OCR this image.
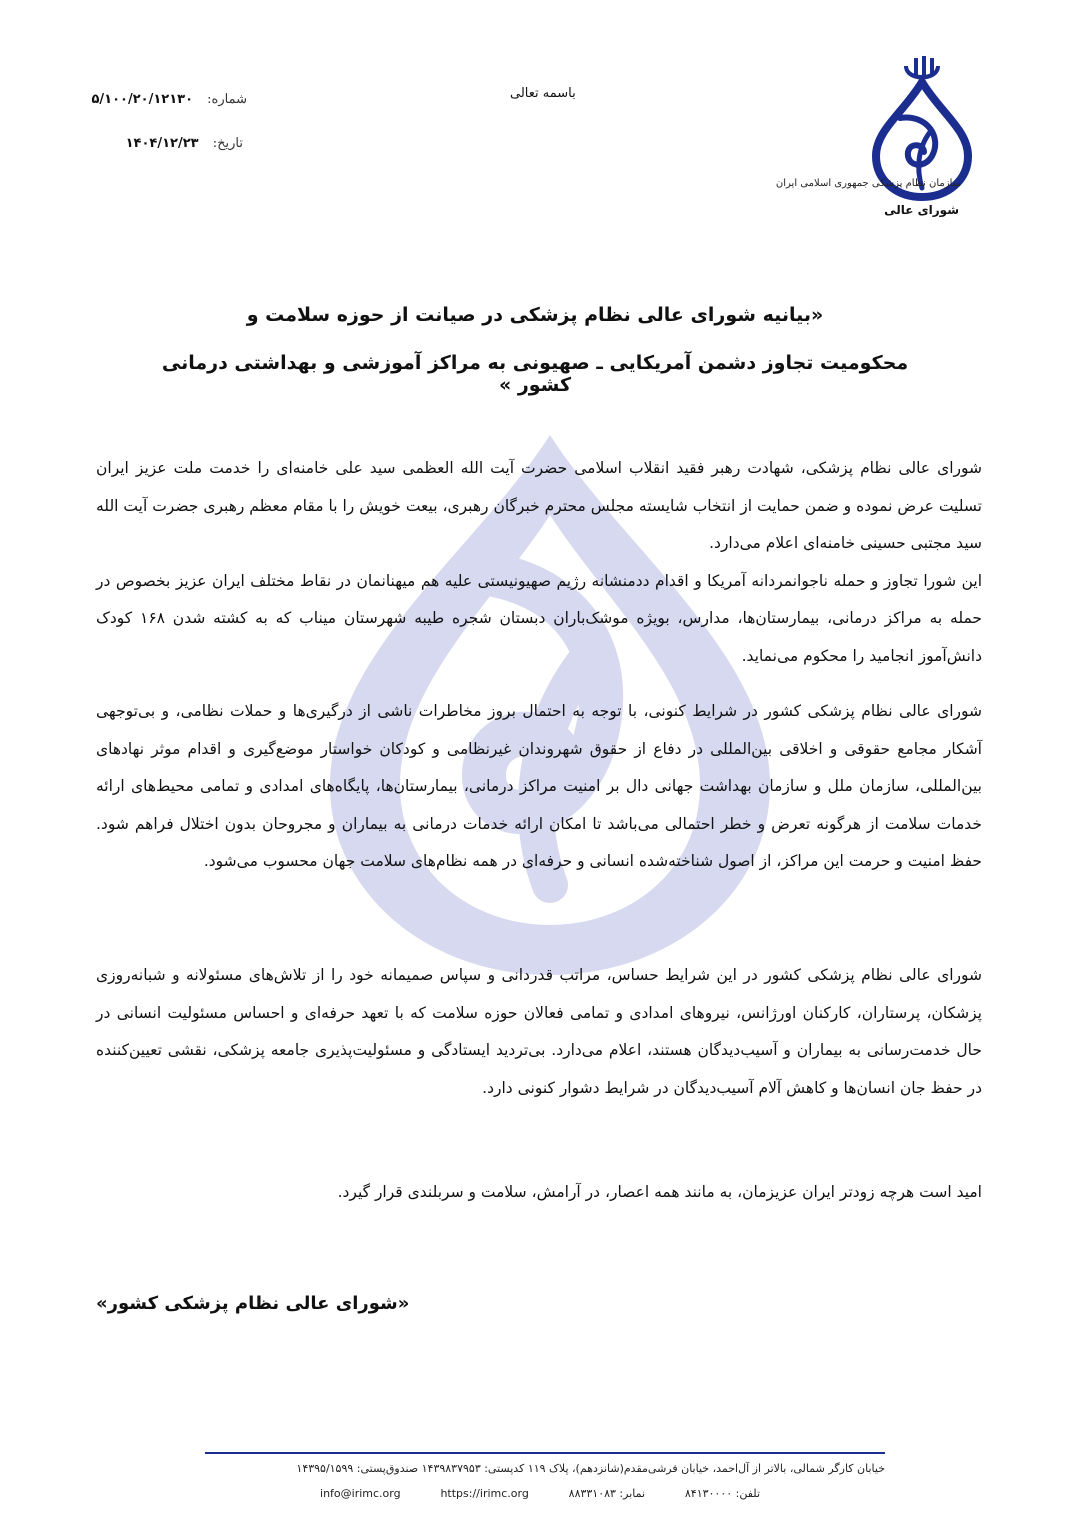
سازمان نظام پزشکی جمهوری اسلامی ایران
شورای عالی
باسمه تعالی
شماره: ۵/۱۰۰/۲۰/۱۲۱۳۰
تاریخ: ۱۴۰۴/۱۲/۲۳
«بیانیه شورای عالی نظام پزشکی در صیانت از حوزه سلامت و
محکومیت تجاوز دشمن آمریکایی ـ صهیونی به مراکز آموزشی و بهداشتی درمانی کشور »

شورای عالی نظام پزشکی، شهادت رهبر فقید انقلاب اسلامی حضرت آیت الله العظمی سید علی خامنه‌ای را خدمت ملت عزیز ایران تسلیت عرض نموده و ضمن حمایت از انتخاب شایسته مجلس محترم خبرگان رهبری، بیعت خویش را با مقام معظم رهبری جضرت آیت الله سید مجتبی حسینی خامنه‌ای اعلام می‌دارد.

این شورا تجاوز و حمله ناجوانمردانه آمریکا و اقدام ددمنشانه رژیم صهیونیستی علیه هم میهنانمان در نقاط مختلف ایران عزیز بخصوص در حمله به مراکز درمانی، بیمارستان‌ها، مدارس، بویژه موشک‌باران دبستان شجره طیبه شهرستان میناب که به کشته شدن ۱۶۸ کودک دانش‌آموز انجامید را محکوم می‌نماید.

شورای عالی نظام پزشکی کشور در شرایط کنونی، با توجه به احتمال بروز مخاطرات ناشی از درگیری‌ها و حملات نظامی، و بی‌توجهی آشکار مجامع حقوقی و اخلاقی بین‌المللی در دفاع از حقوق شهروندان غیرنظامی و کودکان خواستار موضع‌گیری و اقدام موثر نهادهای بین‌المللی، سازمان ملل و سازمان بهداشت جهانی دال بر امنیت مراکز درمانی، بیمارستان‌ها، پایگاه‌های امدادی و تمامی محیط‌های ارائه خدمات سلامت از هرگونه تعرض و خطر احتمالی می‌باشد تا امکان ارائه خدمات درمانی به بیماران و مجروحان بدون اختلال فراهم شود. حفظ امنیت و حرمت این مراکز، از اصول شناخته‌شده انسانی و حرفه‌ای در همه نظام‌های سلامت جهان محسوب می‌شود.

شورای عالی نظام پزشکی کشور در این شرایط حساس، مراتب قدردانی و سپاس صمیمانه خود را از تلاش‌های مسئولانه و شبانه‌روزی پزشکان، پرستاران، کارکنان اورژانس، نیروهای امدادی و تمامی فعالان حوزه سلامت که با تعهد حرفه‌ای و احساس مسئولیت انسانی در حال خدمت‌رسانی به بیماران و آسیب‌دیدگان هستند، اعلام می‌دارد. بی‌تردید ایستادگی و مسئولیت‌پذیری جامعه پزشکی، نقشی تعیین‌کننده در حفظ جان انسان‌ها و کاهش آلام آسیب‌دیدگان در شرایط دشوار کنونی دارد.

امید است هرچه زودتر ایران عزیزمان، به مانند همه اعصار، در آرامش، سلامت و سربلندی قرار گیرد.

«شورای عالی نظام پزشکی کشور»
خیابان کارگر شمالی، بالاتر از آل‌احمد، خیابان فرشی‌مقدم(شانزدهم)، پلاک ۱۱۹ کدپستی: ۱۴۳۹۸۳۷۹۵۳ صندوق‌پستی: ۱۴۳۹۵/۱۵۹۹
تلفن: ۸۴۱۳۰۰۰۰
نمابر: ۸۸۳۳۱۰۸۳
https://irimc.org
info@irimc.org
